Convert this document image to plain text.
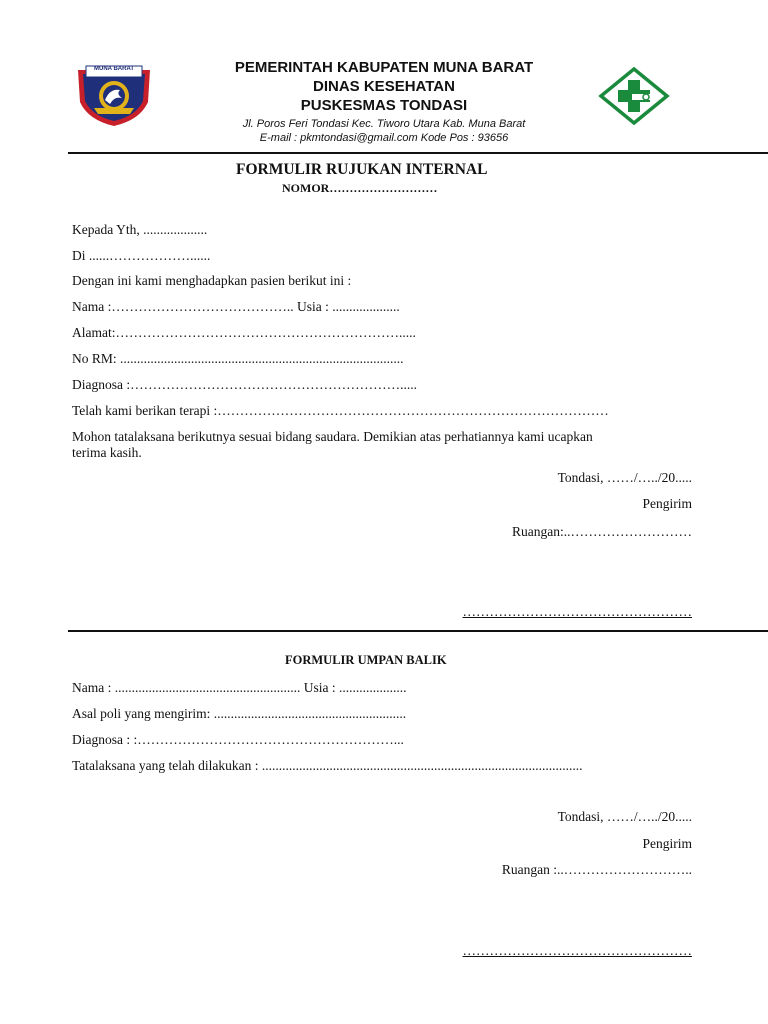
MUNA BARAT	PEMERINTAH KABUPATEN MUNA BARAT
DINAS KESEHATAN
PUSKESMAS TONDASI
Jl. Poros Feri Tondasi Kec. Tiworo Utara Kab. Muna Barat
E-mail : pkmtondasi@gmail.com Kode Pos : 93656
FORMULIR RUJUKAN INTERNAL
NOMOR………………………
Kepada Yth, ...................
Di ......………………......
Dengan ini kami menghadapkan pasien berikut ini :
Nama :………………………………….. Usia : ....................
Alamat:……………………………………………………….....
No RM: ....................................................................................
Diagnosa :…………………………………………………….....
Telah kami berikan terapi :……………………………………………………………………………
Mohon tatalaksana berikutnya sesuai bidang saudara. Demikian atas perhatiannya kami ucapkan
terima kasih.
Tondasi, ……/…../20.....
Pengirim
Ruangan:..………………………
……………………………………………
FORMULIR UMPAN BALIK
Nama : ....................................................... Usia : ....................
Asal poli yang mengirim: .........................................................
Diagnosa : :…………………………………………………...
Tatalaksana yang telah dilakukan : ...............................................................................................
Tondasi, ……/…../20.....
Pengirim
Ruangan :..………………………..
……………………………………………
